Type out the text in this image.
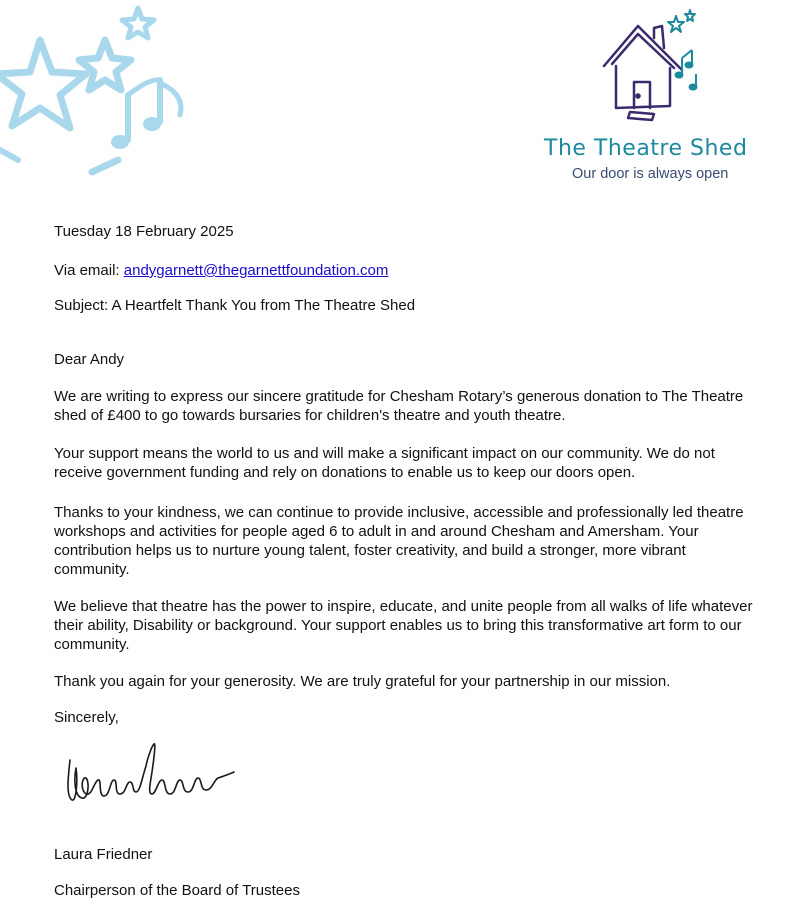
The Theatre Shed
Our door is always open

Tuesday 18 February 2025

Via email: andygarnett@thegarnettfoundation.com

Subject: A Heartfelt Thank You from The Theatre Shed

Dear Andy

We are writing to express our sincere gratitude for Chesham Rotary’s generous donation to The Theatre shed of £400 to go towards bursaries for children's theatre and youth theatre.

Your support means the world to us and will make a significant impact on our community. We do not receive government funding and rely on donations to enable us to keep our doors open.

Thanks to your kindness, we can continue to provide inclusive, accessible and professionally led theatre workshops and activities for people aged 6 to adult in and around Chesham and Amersham. Your contribution helps us to nurture young talent, foster creativity, and build a stronger, more vibrant community.

We believe that theatre has the power to inspire, educate, and unite people from all walks of life whatever their ability, Disability or background. Your support enables us to bring this transformative art form to our community.

Thank you again for your generosity. We are truly grateful for your partnership in our mission.

Sincerely,

Laura Friedner
Chairperson of the Board of Trustees
